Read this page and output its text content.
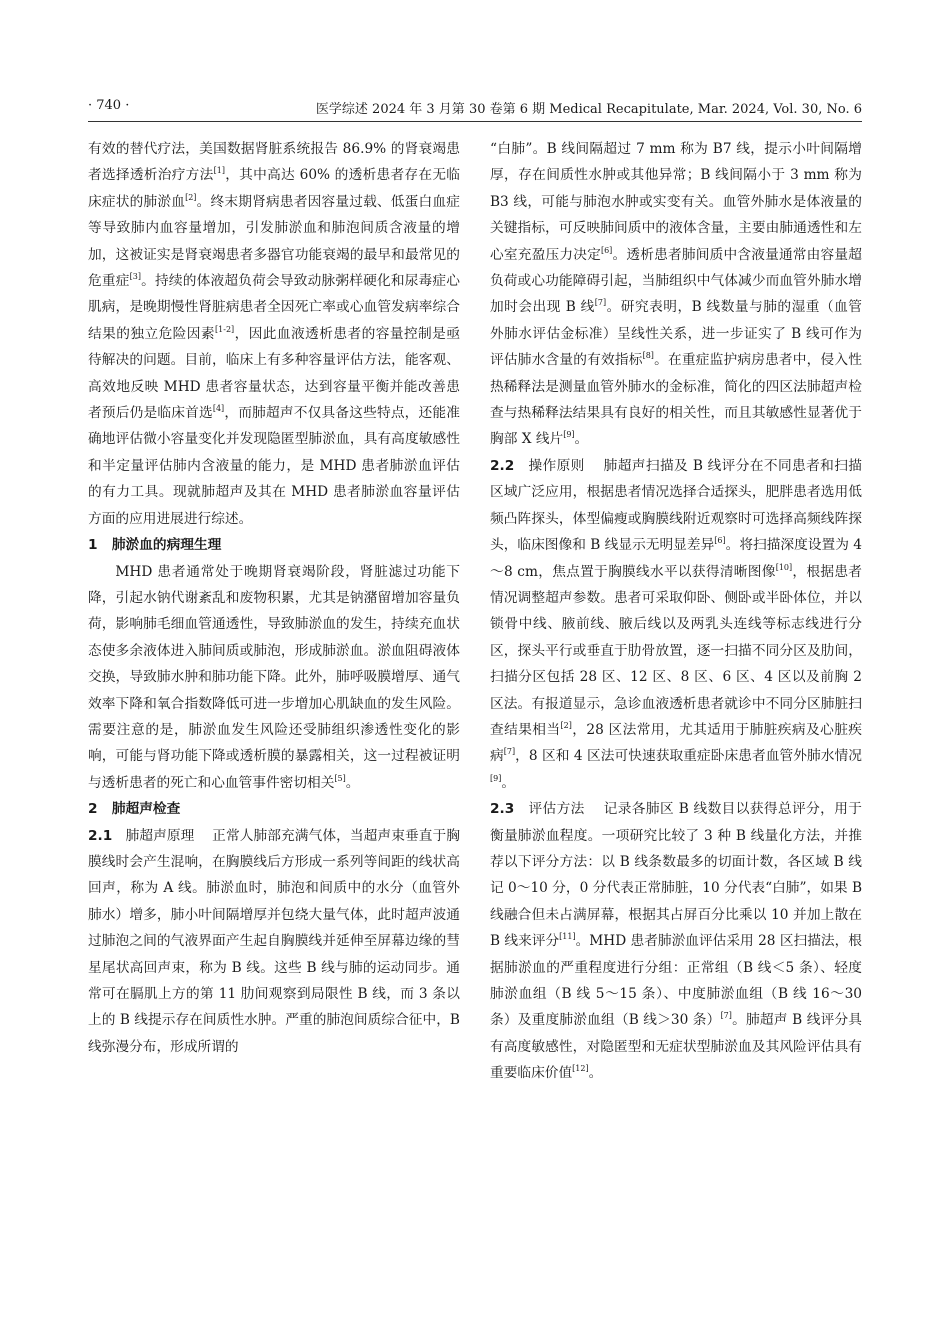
· 740 ·	医学综述 2024 年 3 月第 30 卷第 6 期 Medical Recapitulate, Mar. 2024, Vol. 30, No. 6

有效的替代疗法，美国数据肾脏系统报告 86.9% 的肾衰竭患者选择透析治疗方法[1]，其中高达 60% 的透析患者存在无临床症状的肺淤血[2]。终末期肾病患者因容量过载、低蛋白血症等导致肺内血容量增加，引发肺淤血和肺泡间质含液量的增加，这被证实是肾衰竭患者多器官功能衰竭的最早和最常见的危重症[3]。持续的体液超负荷会导致动脉粥样硬化和尿毒症心肌病，是晚期慢性肾脏病患者全因死亡率或心血管发病率综合结果的独立危险因素[1-2]，因此血液透析患者的容量控制是亟待解决的问题。目前，临床上有多种容量评估方法，能客观、高效地反映 MHD 患者容量状态，达到容量平衡并能改善患者预后仍是临床首选[4]，而肺超声不仅具备这些特点，还能准确地评估微小容量变化并发现隐匿型肺淤血，具有高度敏感性和半定量评估肺内含液量的能力，是 MHD 患者肺淤血评估的有力工具。现就肺超声及其在 MHD 患者肺淤血容量评估方面的应用进展进行综述。

1 肺淤血的病理生理

MHD 患者通常处于晚期肾衰竭阶段，肾脏滤过功能下降，引起水钠代谢紊乱和废物积累，尤其是钠潴留增加容量负荷，影响肺毛细血管通透性，导致肺淤血的发生，持续充血状态使多余液体进入肺间质或肺泡，形成肺淤血。淤血阻碍液体交换，导致肺水肿和肺功能下降。此外，肺呼吸膜增厚、通气效率下降和氧合指数降低可进一步增加心肌缺血的发生风险。需要注意的是，肺淤血发生风险还受肺组织渗透性变化的影响，可能与肾功能下降或透析膜的暴露相关，这一过程被证明与透析患者的死亡和心血管事件密切相关[5]。

2 肺超声检查

2.1 肺超声原理 正常人肺部充满气体，当超声束垂直于胸膜线时会产生混响，在胸膜线后方形成一系列等间距的线状高回声，称为 A 线。肺淤血时，肺泡和间质中的水分（血管外肺水）增多，肺小叶间隔增厚并包绕大量气体，此时超声波通过肺泡之间的气液界面产生起自胸膜线并延伸至屏幕边缘的彗星尾状高回声束，称为 B 线。这些 B 线与肺的运动同步。通常可在膈肌上方的第 11 肋间观察到局限性 B 线，而 3 条以上的 B 线提示存在间质性水肿。严重的肺泡间质综合征中，B 线弥漫分布，形成所谓的

“白肺”。B 线间隔超过 7 mm 称为 B7 线，提示小叶间隔增厚，存在间质性水肿或其他异常；B 线间隔小于 3 mm 称为 B3 线，可能与肺泡水肿或实变有关。血管外肺水是体液量的关键指标，可反映肺间质中的液体含量，主要由肺通透性和左心室充盈压力决定[6]。透析患者肺间质中含液量通常由容量超负荷或心功能障碍引起，当肺组织中气体减少而血管外肺水增加时会出现 B 线[7]。研究表明，B 线数量与肺的湿重（血管外肺水评估金标准）呈线性关系，进一步证实了 B 线可作为评估肺水含量的有效指标[8]。在重症监护病房患者中，侵入性热稀释法是测量血管外肺水的金标准，简化的四区法肺超声检查与热稀释法结果具有良好的相关性，而且其敏感性显著优于胸部 X 线片[9]。

2.2 操作原则 肺超声扫描及 B 线评分在不同患者和扫描区域广泛应用，根据患者情况选择合适探头，肥胖患者选用低频凸阵探头，体型偏瘦或胸膜线附近观察时可选择高频线阵探头，临床图像和 B 线显示无明显差异[6]。将扫描深度设置为 4～8 cm，焦点置于胸膜线水平以获得清晰图像[10]，根据患者情况调整超声参数。患者可采取仰卧、侧卧或半卧体位，并以锁骨中线、腋前线、腋后线以及两乳头连线等标志线进行分区，探头平行或垂直于肋骨放置，逐一扫描不同分区及肋间，扫描分区包括 28 区、12 区、8 区、6 区、4 区以及前胸 2 区法。有报道显示，急诊血液透析患者就诊中不同分区肺脏扫查结果相当[2]，28 区法常用，尤其适用于肺脏疾病及心脏疾病[7]，8 区和 4 区法可快速获取重症卧床患者血管外肺水情况[9]。

2.3 评估方法 记录各肺区 B 线数目以获得总评分，用于衡量肺淤血程度。一项研究比较了 3 种 B 线量化方法，并推荐以下评分方法：以 B 线条数最多的切面计数，各区域 B 线记 0～10 分，0 分代表正常肺脏，10 分代表“白肺”，如果 B 线融合但未占满屏幕，根据其占屏百分比乘以 10 并加上散在 B 线来评分[11]。MHD 患者肺淤血评估采用 28 区扫描法，根据肺淤血的严重程度进行分组：正常组（B 线＜5 条）、轻度肺淤血组（B 线 5～15 条）、中度肺淤血组（B 线 16～30 条）及重度肺淤血组（B 线＞30 条）[7]。肺超声 B 线评分具有高度敏感性，对隐匿型和无症状型肺淤血及其风险评估具有重要临床价值[12]。
